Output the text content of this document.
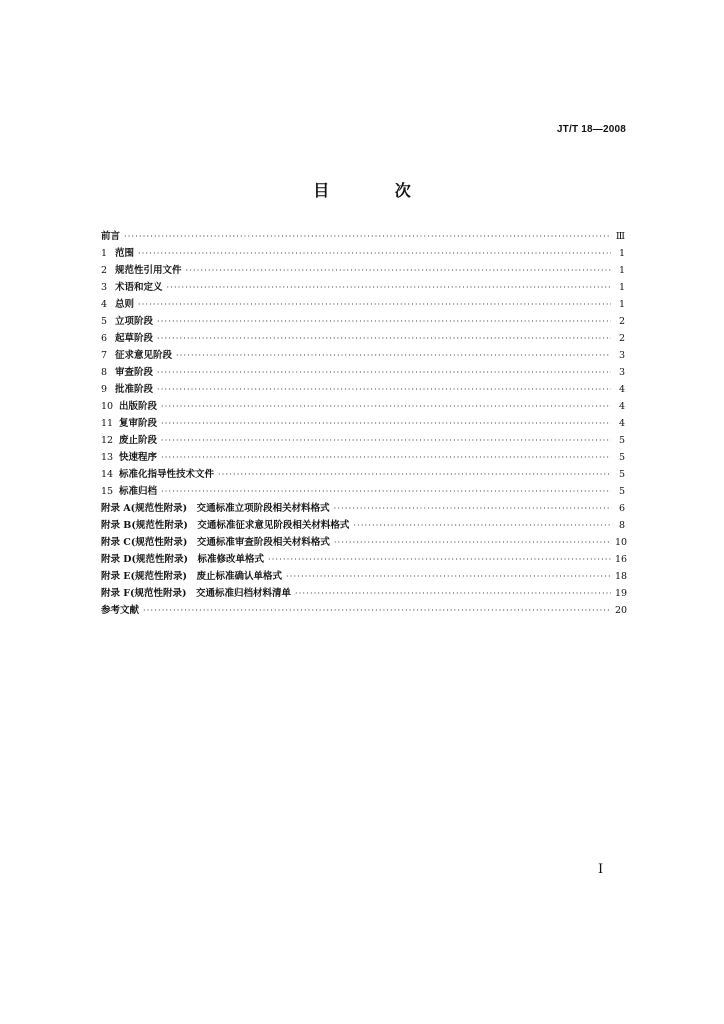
JT/T 18—2008
目 次
前言 ·····	Ⅲ
1 范围 ·····	1
2 规范性引用文件 ·····	1
3 术语和定义 ·····	1
4 总则 ·····	1
5 立项阶段 ·····	2
6 起草阶段 ·····	2
7 征求意见阶段 ·····	3
8 审查阶段 ·····	3
9 批准阶段 ·····	4
10 出版阶段 ·····	4
11 复审阶段 ·····	4
12 废止阶段 ·····	5
13 快速程序 ·····	5
14 标准化指导性技术文件 ·····	5
15 标准归档 ·····	5
附录 A(规范性附录)　交通标准立项阶段相关材料格式 ·····	6
附录 B(规范性附录)　交通标准征求意见阶段相关材料格式 ·····	8
附录 C(规范性附录)　交通标准审查阶段相关材料格式 ·····	10
附录 D(规范性附录)　标准修改单格式 ·····	16
附录 E(规范性附录)　废止标准确认单格式 ·····	18
附录 F(规范性附录)　交通标准归档材料清单 ·····	19
参考文献 ·····	20
I
